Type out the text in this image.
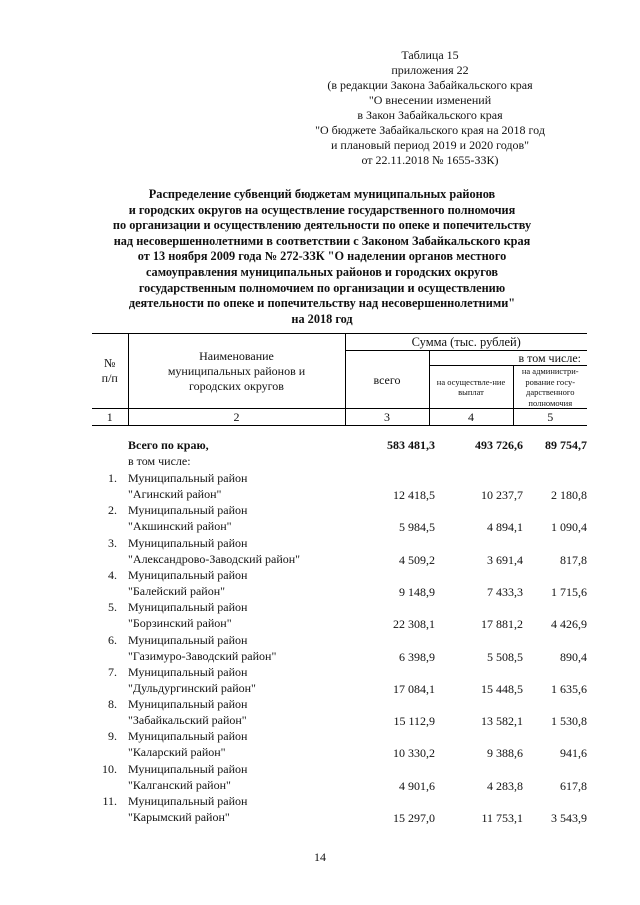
Таблица 15
приложения 22
(в редакции Закона Забайкальского края
"О внесении изменений
в Закон Забайкальского края
"О бюджете Забайкальского края на 2018 год
и плановый период 2019 и 2020 годов"
от 22.11.2018 № 1655-ЗЗК)
Распределение субвенций бюджетам муниципальных районов
и городских округов на осуществление государственного полномочия
по организации и осуществлению деятельности по опеке и попечительству
над несовершеннолетними в соответствии с Законом Забайкальского края
от 13 ноября 2009 года № 272-ЗЗК "О наделении органов местного
самоуправления муниципальных районов и городских округов
государственным полномочием по организации и осуществлению
деятельности по опеке и попечительству над несовершеннолетними"
на 2018 год
№
п/п	Наименование муниципальных районов и городских округов	Сумма (тыс. рублей)		
		всего	в том числе:	
			на осуществле-ние выплат	на администри-рование госу-дарственного полномочия
1	2	3	4	5
Всего по краю,
в том числе:
583 481,3	493 726,6	89 754,7
1. Муниципальный район
"Агинский район"	12 418,5	10 237,7	2 180,8
2. Муниципальный район
"Акшинский район"	5 984,5	4 894,1	1 090,4
3. Муниципальный район
"Александрово-Заводский район"	4 509,2	3 691,4	817,8
4. Муниципальный район
"Балейский район"	9 148,9	7 433,3	1 715,6
5. Муниципальный район
"Борзинский район"	22 308,1	17 881,2	4 426,9
6. Муниципальный район
"Газимуро-Заводский район"	6 398,9	5 508,5	890,4
7. Муниципальный район
"Дульдургинский район"	17 084,1	15 448,5	1 635,6
8. Муниципальный район
"Забайкальский район"	15 112,9	13 582,1	1 530,8
9. Муниципальный район
"Каларский район"	10 330,2	9 388,6	941,6
10. Муниципальный район
"Калганский район"	4 901,6	4 283,8	617,8
11. Муниципальный район
"Карымский район"	15 297,0	11 753,1	3 543,9
14
